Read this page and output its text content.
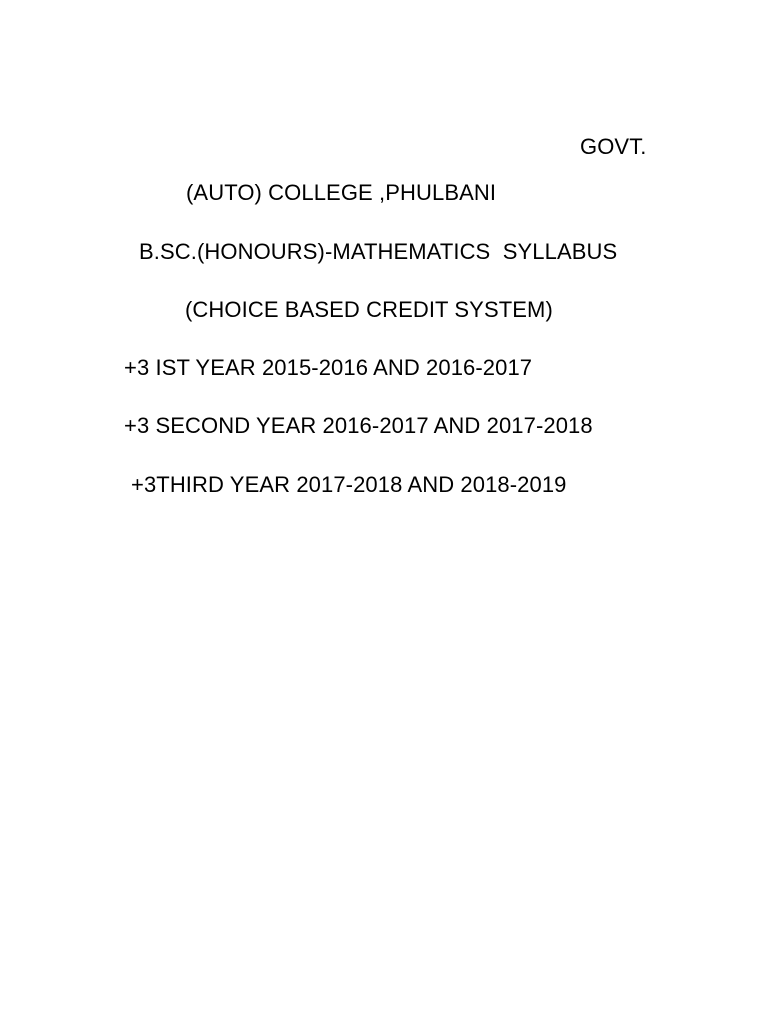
GOVT.
(AUTO) COLLEGE ,PHULBANI
B.SC.(HONOURS)-MATHEMATICS  SYLLABUS
(CHOICE BASED CREDIT SYSTEM)
+3 IST YEAR 2015-2016 AND 2016-2017
+3 SECOND YEAR 2016-2017 AND 2017-2018
+3THIRD YEAR 2017-2018 AND 2018-2019
